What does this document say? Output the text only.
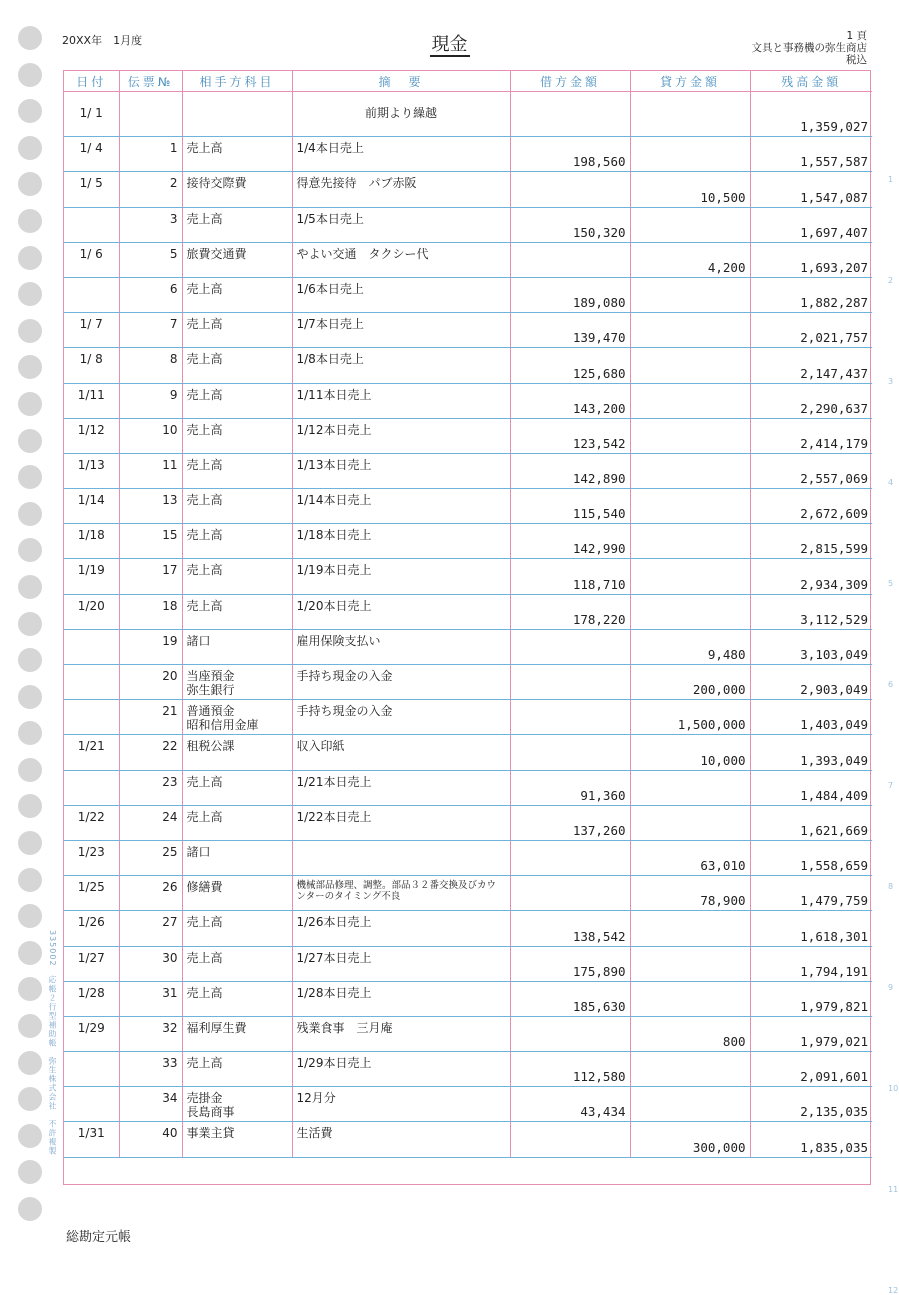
1
2
3
4
5
6
7
8
9
10
11
12
335002　応帳２行型補助帳　弥生株式会社　不許複製
20XX年　1月度	現金	1 頁
文具と事務機の弥生商店
税込
日付	伝票№	相手方科目	摘　要	借方金額	貸方金額	残高金額

1/ 1			前期より繰越			1,359,027
1/ 4	1	売上高	1/4本日売上	198,560		1,557,587
1/ 5	2	接待交際費	得意先接待　パブ赤阪		10,500	1,547,087
	3	売上高	1/5本日売上	150,320		1,697,407
1/ 6	5	旅費交通費	やよい交通　タクシー代		4,200	1,693,207
	6	売上高	1/6本日売上	189,080		1,882,287
1/ 7	7	売上高	1/7本日売上	139,470		2,021,757
1/ 8	8	売上高	1/8本日売上	125,680		2,147,437
1/11	9	売上高	1/11本日売上	143,200		2,290,637
1/12	10	売上高	1/12本日売上	123,542		2,414,179
1/13	11	売上高	1/13本日売上	142,890		2,557,069
1/14	13	売上高	1/14本日売上	115,540		2,672,609
1/18	15	売上高	1/18本日売上	142,990		2,815,599
1/19	17	売上高	1/19本日売上	118,710		2,934,309
1/20	18	売上高	1/20本日売上	178,220		3,112,529
	19	諸口	雇用保険支払い		9,480	3,103,049
	20	当座預金
弥生銀行	手持ち現金の入金		200,000	2,903,049
	21	普通預金
昭和信用金庫	手持ち現金の入金		1,500,000	1,403,049
1/21	22	租税公課	収入印紙		10,000	1,393,049
	23	売上高	1/21本日売上	91,360		1,484,409
1/22	24	売上高	1/22本日売上	137,260		1,621,669
1/23	25	諸口			63,010	1,558,659
1/25	26	修繕費	機械部品修理、調整。部品３２番交換及びカウンターのタイミング不良		78,900	1,479,759
1/26	27	売上高	1/26本日売上	138,542		1,618,301
1/27	30	売上高	1/27本日売上	175,890		1,794,191
1/28	31	売上高	1/28本日売上	185,630		1,979,821
1/29	32	福利厚生費	残業食事　三月庵		800	1,979,021
	33	売上高	1/29本日売上	112,580		2,091,601
	34	売掛金
長島商事	12月分	43,434		2,135,035
1/31	40	事業主貸	生活費		300,000	1,835,035
総勘定元帳
